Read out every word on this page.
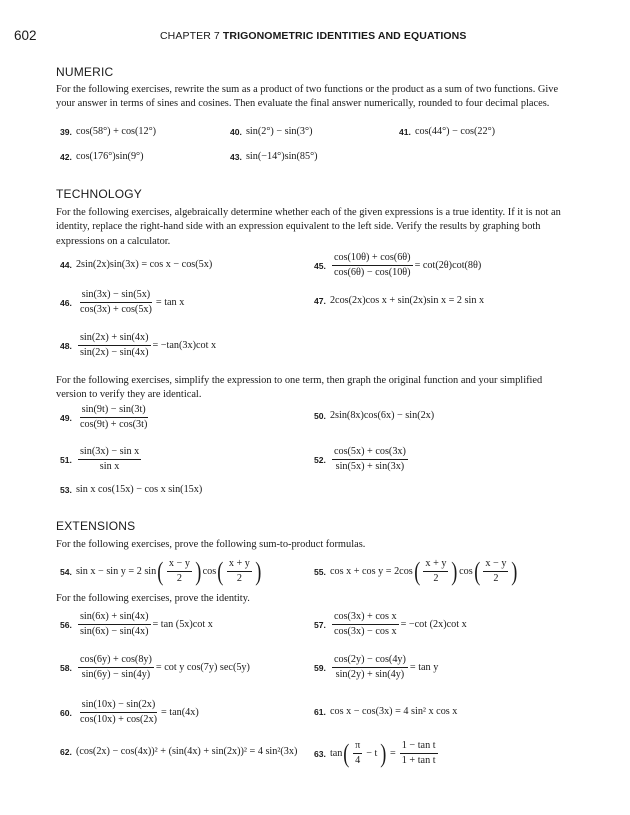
602	CHAPTER 7 TRIGONOMETRIC IDENTITIES AND EQUATIONS
NUMERIC
For the following exercises, rewrite the sum as a product of two functions or the product as a sum of two functions. Give your answer in terms of sines and cosines. Then evaluate the final answer numerically, rounded to four decimal places.
39. cos(58°) + cos(12°)	40. sin(2°) − sin(3°)	41. cos(44°) − cos(22°)
42. cos(176°)sin(9°)	43. sin(−14°)sin(85°)
TECHNOLOGY
For the following exercises, algebraically determine whether each of the given expressions is a true identity. If it is not an identity, replace the right-hand side with an expression equivalent to the left side. Verify the results by graphing both expressions on a calculator.
44. 2sin(2x)sin(3x) = cos x − cos(5x)	45. $\frac{\cos(10\theta) + \cos(6\theta)}{\cos(6\theta) - \cos(10\theta)} = \cot(2\theta)\cot(8\theta)$
46. $\frac{\sin(3x) - \sin(5x)}{\cos(3x) + \cos(5x)} = \tan x$	47. 2cos(2x)cos x + sin(2x)sin x = 2 sin x
48. $\frac{\sin(2x) + \sin(4x)}{\sin(2x) - \sin(4x)} = -\tan(3x)\cot$ x
For the following exercises, simplify the expression to one term, then graph the original function and your simplified version to verify they are identical.
49. $\frac{\sin(9t) - \sin(3t)}{\cos(9t) + \cos(3t)}$	50. 2sin(8x)cos(6x) − sin(2x)
51. $\frac{\text{sin(3x) − sin x}}{\text{sin x}}$	52. $\frac{\cos(5x) + \cos(3x)}{\sin(5x) + \sin(3x)}$
53. sin x cos(15x) − cos x sin(15x)
EXTENSIONS
For the following exercises, prove the following sum-to-product formulas.
54. sin x − sin y = 2 sin ( $\frac{x - y}{2}$ ) cos ( $\frac{x + y}{2}$ )	55. cos x + cos y = 2cos ( $\frac{x + y}{2}$ ) cos ( $\frac{x - y}{2}$ )
For the following exercises, prove the identity.
56. $\frac{\sin(6x) + \sin(4x)}{\sin(6x) - \sin(4x)} = \tan (5x)\cot$ x	57. $\frac{\text{cos(3x) + cos x}}{\text{cos(3x) − cos x}} = -\cot$ (2x)cot x
58. $\frac{\cos(6y) + \cos(8y)}{\sin(6y) - \sin(4y)} = \cot y$ cos(7y) sec(5y)	59. $\frac{\cos(2y) - \cos(4y)}{\sin(2y) + \sin(4y)} = \tan y$
60. $\frac{\sin(10x) - \sin(2x)}{\cos(10x) + \cos(2x)} = \tan(4x)$	61. cos x − cos(3x) = 4 sin² x cos x
62. (cos(2x) − cos(4x))² + (sin(4x) + sin(2x))² = 4 sin²(3x) 63. tan ( $\frac{\pi}{4} - t$ ) = $\frac{\text{1 − tan t}}{\text{1 + tan t}}$
